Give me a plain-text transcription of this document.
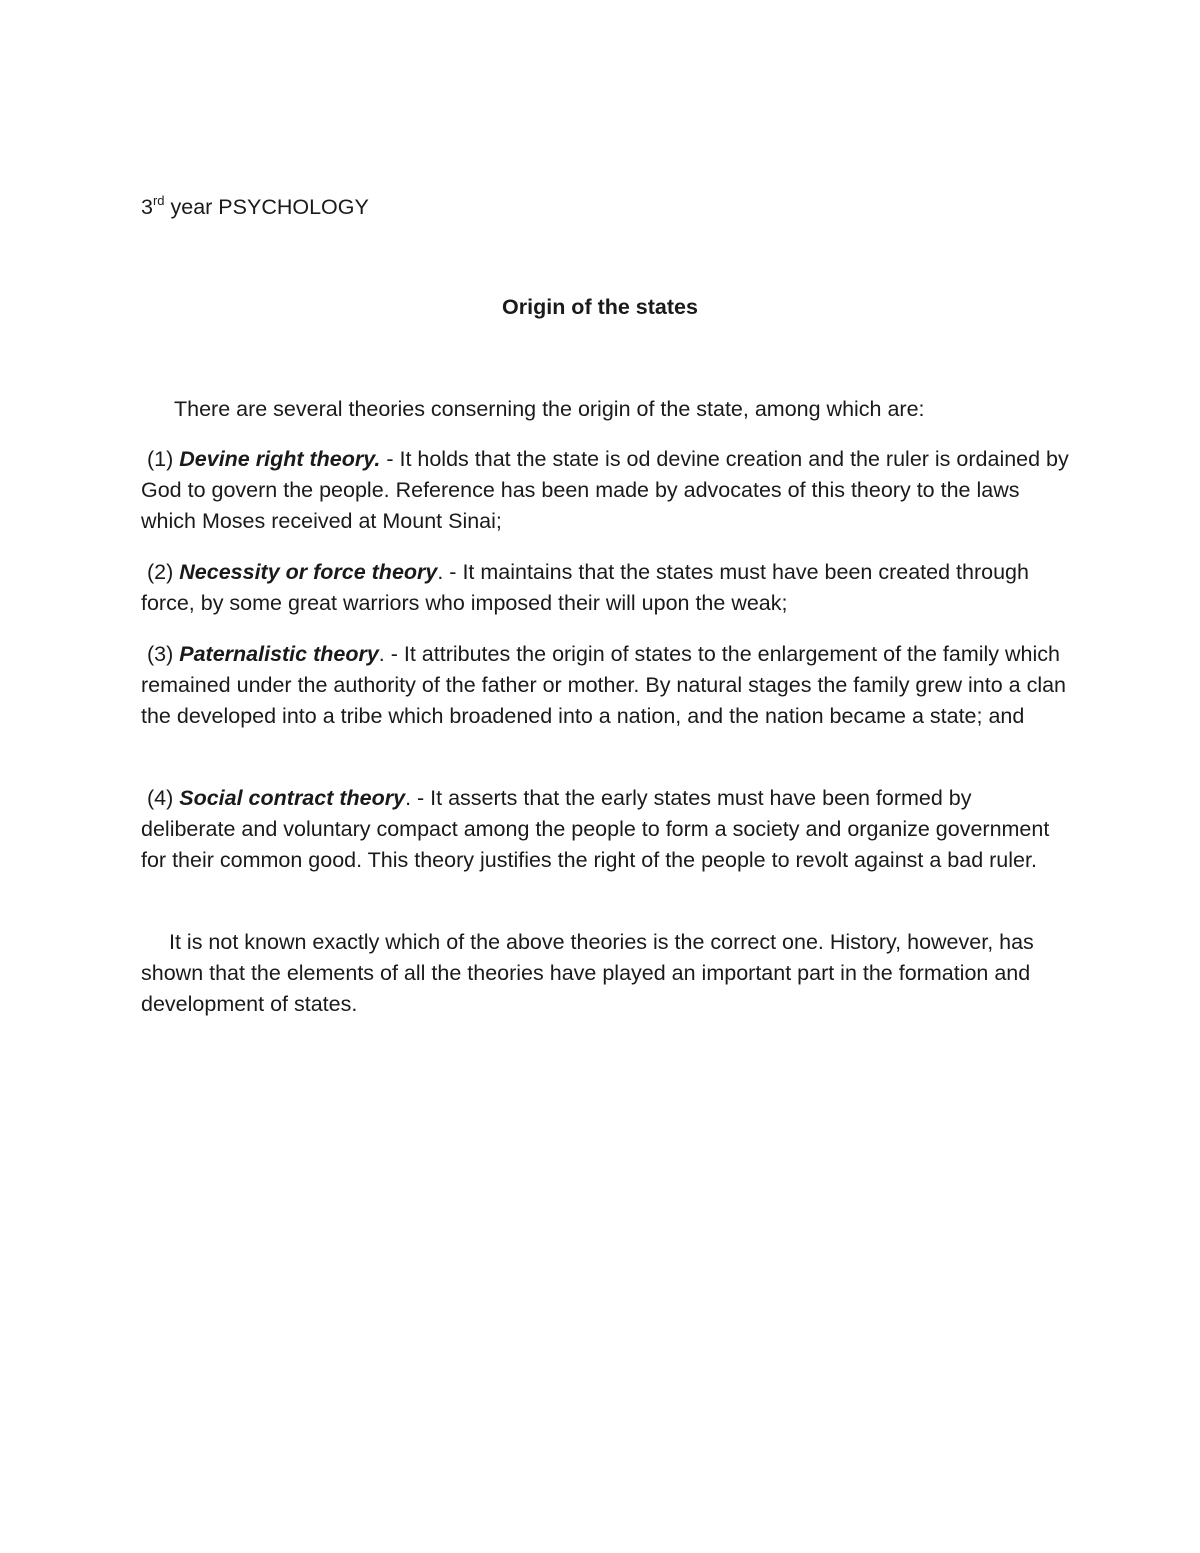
3rd year PSYCHOLOGY

Origin of the states

There are several theories conserning the origin of the state, among which are:

(1) Devine right theory. - It holds that the state is od devine creation and the ruler is ordained by God to govern the people. Reference has been made by advocates of this theory to the laws which Moses received at Mount Sinai;

(2) Necessity or force theory. - It maintains that the states must have been created through force, by some great warriors who imposed their will upon the weak;

(3) Paternalistic theory. - It attributes the origin of states to the enlargement of the family which remained under the authority of the father or mother. By natural stages the family grew into a clan the developed into a tribe which broadened into a nation, and the nation became a state; and

(4) Social contract theory. - It asserts that the early states must have been formed by deliberate and voluntary compact among the people to form a society and organize government for their common good. This theory justifies the right of the people to revolt against a bad ruler.

It is not known exactly which of the above theories is the correct one. History, however, has shown that the elements of all the theories have played an important part in the formation and development of states.
